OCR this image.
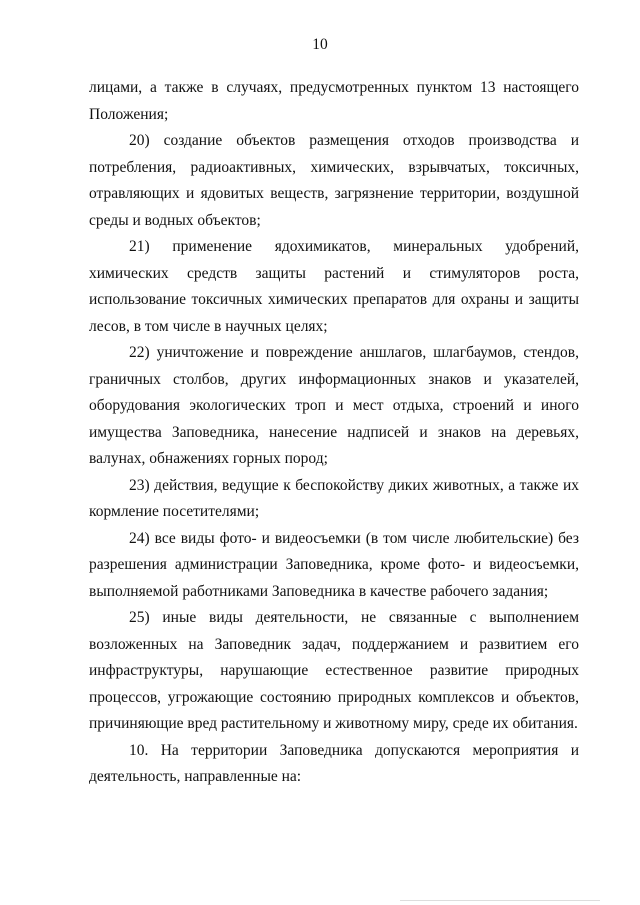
10

лицами, а также в случаях, предусмотренных пунктом 13 настоящего Положения;

20) создание объектов размещения отходов производства и потребления, радиоактивных, химических, взрывчатых, токсичных, отравляющих и ядовитых веществ, загрязнение территории, воздушной среды и водных объектов;

21) применение ядохимикатов, минеральных удобрений, химических средств защиты растений и стимуляторов роста, использование токсичных химических препаратов для охраны и защиты лесов, в том числе в научных целях;

22) уничтожение и повреждение аншлагов, шлагбаумов, стендов, граничных столбов, других информационных знаков и указателей, оборудования экологических троп и мест отдыха, строений и иного имущества Заповедника, нанесение надписей и знаков на деревьях, валунах, обнажениях горных пород;

23) действия, ведущие к беспокойству диких животных, а также их кормление посетителями;

24) все виды фото- и видеосъемки (в том числе любительские) без разрешения администрации Заповедника, кроме фото- и видеосъемки, выполняемой работниками Заповедника в качестве рабочего задания;

25) иные виды деятельности, не связанные с выполнением возложенных на Заповедник задач, поддержанием и развитием его инфраструктуры, нарушающие естественное развитие природных процессов, угрожающие состоянию природных комплексов и объектов, причиняющие вред растительному и животному миру, среде их обитания.

10. На территории Заповедника допускаются мероприятия и деятельность, направленные на:
